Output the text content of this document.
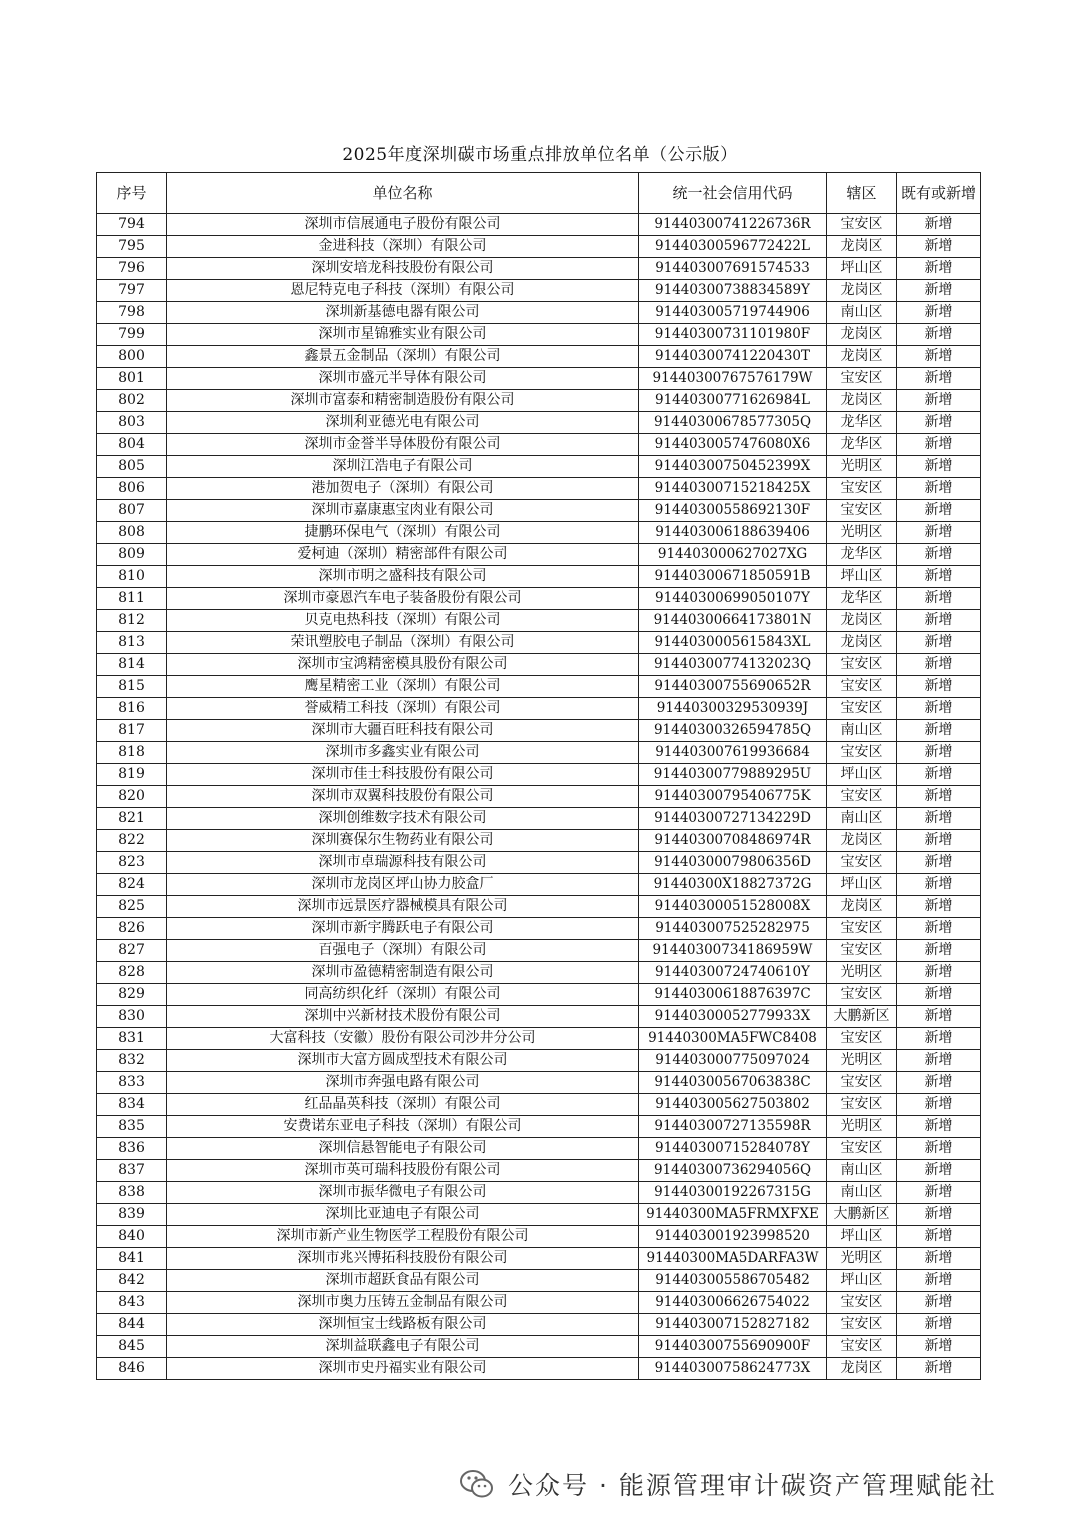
2025年度深圳碳市场重点排放单位名单（公示版）
序号	单位名称	统一社会信用代码	辖区	既有或新增
794	深圳市信展通电子股份有限公司	91440300741226736R	宝安区	新增
795	金进科技（深圳）有限公司	91440300596772422L	龙岗区	新增
796	深圳安培龙科技股份有限公司	914403007691574533	坪山区	新增
797	恩尼特克电子科技（深圳）有限公司	91440300738834589Y	龙岗区	新增
798	深圳新基德电器有限公司	914403005719744906	南山区	新增
799	深圳市星锦雅实业有限公司	91440300731101980F	龙岗区	新增
800	鑫景五金制品（深圳）有限公司	91440300741220430T	龙岗区	新增
801	深圳市盛元半导体有限公司	91440300767576179W	宝安区	新增
802	深圳市富泰和精密制造股份有限公司	91440300771626984L	龙岗区	新增
803	深圳利亚德光电有限公司	91440300678577305Q	龙华区	新增
804	深圳市金誉半导体股份有限公司	9144030057476080X6	龙华区	新增
805	深圳江浩电子有限公司	91440300750452399X	光明区	新增
806	港加贺电子（深圳）有限公司	91440300715218425X	宝安区	新增
807	深圳市嘉康惠宝肉业有限公司	91440300558692130F	宝安区	新增
808	捷鹏环保电气（深圳）有限公司	914403006188639406	光明区	新增
809	爱柯迪（深圳）精密部件有限公司	914403000627027XG	龙华区	新增
810	深圳市明之盛科技有限公司	91440300671850591B	坪山区	新增
811	深圳市豪恩汽车电子装备股份有限公司	91440300699050107Y	龙华区	新增
812	贝克电热科技（深圳）有限公司	91440300664173801N	龙岗区	新增
813	荣讯塑胶电子制品（深圳）有限公司	9144030005615843XL	龙岗区	新增
814	深圳市宝鸿精密模具股份有限公司	91440300774132023Q	宝安区	新增
815	鹰星精密工业（深圳）有限公司	91440300755690652R	宝安区	新增
816	誉威精工科技（深圳）有限公司	91440300329530939J	宝安区	新增
817	深圳市大疆百旺科技有限公司	91440300326594785Q	南山区	新增
818	深圳市多鑫实业有限公司	914403007619936684	宝安区	新增
819	深圳市佳士科技股份有限公司	91440300779889295U	坪山区	新增
820	深圳市双翼科技股份有限公司	91440300795406775K	宝安区	新增
821	深圳创维数字技术有限公司	91440300727134229D	南山区	新增
822	深圳赛保尔生物药业有限公司	91440300708486974R	龙岗区	新增
823	深圳市卓瑞源科技有限公司	91440300079806356D	宝安区	新增
824	深圳市龙岗区坪山协力胶盒厂	91440300X18827372G	坪山区	新增
825	深圳市远景医疗器械模具有限公司	91440300051528008X	龙岗区	新增
826	深圳市新宇腾跃电子有限公司	914403007525282975	宝安区	新增
827	百强电子（深圳）有限公司	91440300734186959W	宝安区	新增
828	深圳市盈德精密制造有限公司	91440300724740610Y	光明区	新增
829	同高纺织化纤（深圳）有限公司	91440300618876397C	宝安区	新增
830	深圳中兴新材技术股份有限公司	91440300052779933X	大鹏新区	新增
831	大富科技（安徽）股份有限公司沙井分公司	91440300MA5FWC8408	宝安区	新增
832	深圳市大富方圆成型技术有限公司	914403000775097024	光明区	新增
833	深圳市奔强电路有限公司	91440300567063838C	宝安区	新增
834	红品晶英科技（深圳）有限公司	914403005627503802	宝安区	新增
835	安费诺东亚电子科技（深圳）有限公司	91440300727135598R	光明区	新增
836	深圳信悬智能电子有限公司	91440300715284078Y	宝安区	新增
837	深圳市英可瑞科技股份有限公司	91440300736294056Q	南山区	新增
838	深圳市振华微电子有限公司	91440300192267315G	南山区	新增
839	深圳比亚迪电子有限公司	91440300MA5FRMXFXE	大鹏新区	新增
840	深圳市新产业生物医学工程股份有限公司	914403001923998520	坪山区	新增
841	深圳市兆兴博拓科技股份有限公司	91440300MA5DARFA3W	光明区	新增
842	深圳市超跃食品有限公司	914403005586705482	坪山区	新增
843	深圳市奥力压铸五金制品有限公司	914403006626754022	宝安区	新增
844	深圳恒宝士线路板有限公司	914403007152827182	宝安区	新增
845	深圳益联鑫电子有限公司	91440300755690900F	宝安区	新增
846	深圳市史丹福实业有限公司	91440300758624773X	龙岗区	新增
公众号 · 能源管理审计碳资产管理赋能社
